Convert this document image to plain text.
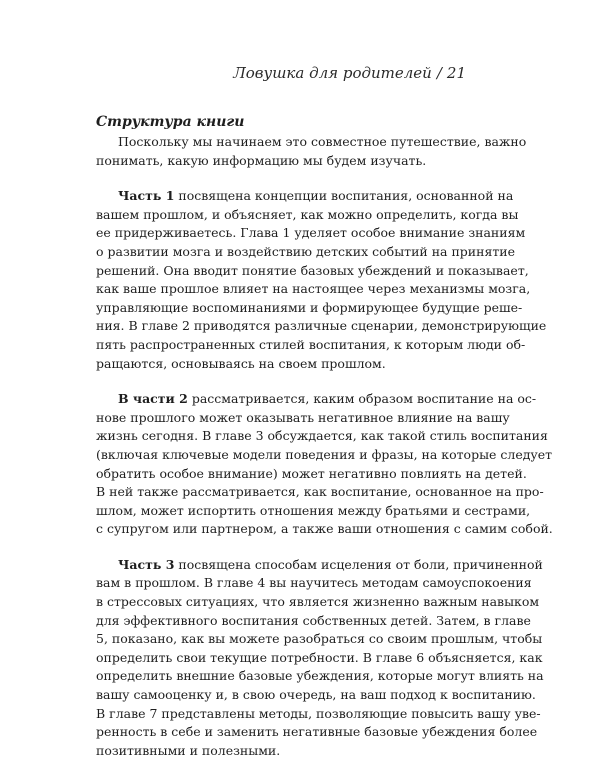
Ловушка для родителей / 21
Структура книги
Поскольку мы начинаем это совместное путешествие, важно
понимать, какую информацию мы будем изучать.
Часть 1 посвящена концепции воспитания, основанной на
вашем прошлом, и объясняет, как можно определить, когда вы
ее придерживаетесь. Глава 1 уделяет особое внимание знаниям
о развитии мозга и воздействию детских событий на принятие
решений. Она вводит понятие базовых убеждений и показывает,
как ваше прошлое влияет на настоящее через механизмы мозга,
управляющие воспоминаниями и формирующее будущие реше-
ния. В главе 2 приводятся различные сценарии, демонстрирующие
пять распространенных стилей воспитания, к которым люди об-
ращаются, основываясь на своем прошлом.
В части 2 рассматривается, каким образом воспитание на ос-
нове прошлого может оказывать негативное влияние на вашу
жизнь сегодня. В главе 3 обсуждается, как такой стиль воспитания
(включая ключевые модели поведения и фразы, на которые следует
обратить особое внимание) может негативно повлиять на детей.
В ней также рассматривается, как воспитание, основанное на про-
шлом, может испортить отношения между братьями и сестрами,
с супругом или партнером, а также ваши отношения с самим собой.
Часть 3 посвящена способам исцеления от боли, причиненной
вам в прошлом. В главе 4 вы научитесь методам самоуспокоения
в стрессовых ситуациях, что является жизненно важным навыком
для эффективного воспитания собственных детей. Затем, в главе
5, показано, как вы можете разобраться со своим прошлым, чтобы
определить свои текущие потребности. В главе 6 объясняется, как
определить внешние базовые убеждения, которые могут влиять на
вашу самооценку и, в свою очередь, на ваш подход к воспитанию.
В главе 7 представлены методы, позволяющие повысить вашу уве-
ренность в себе и заменить негативные базовые убеждения более
позитивными и полезными.
